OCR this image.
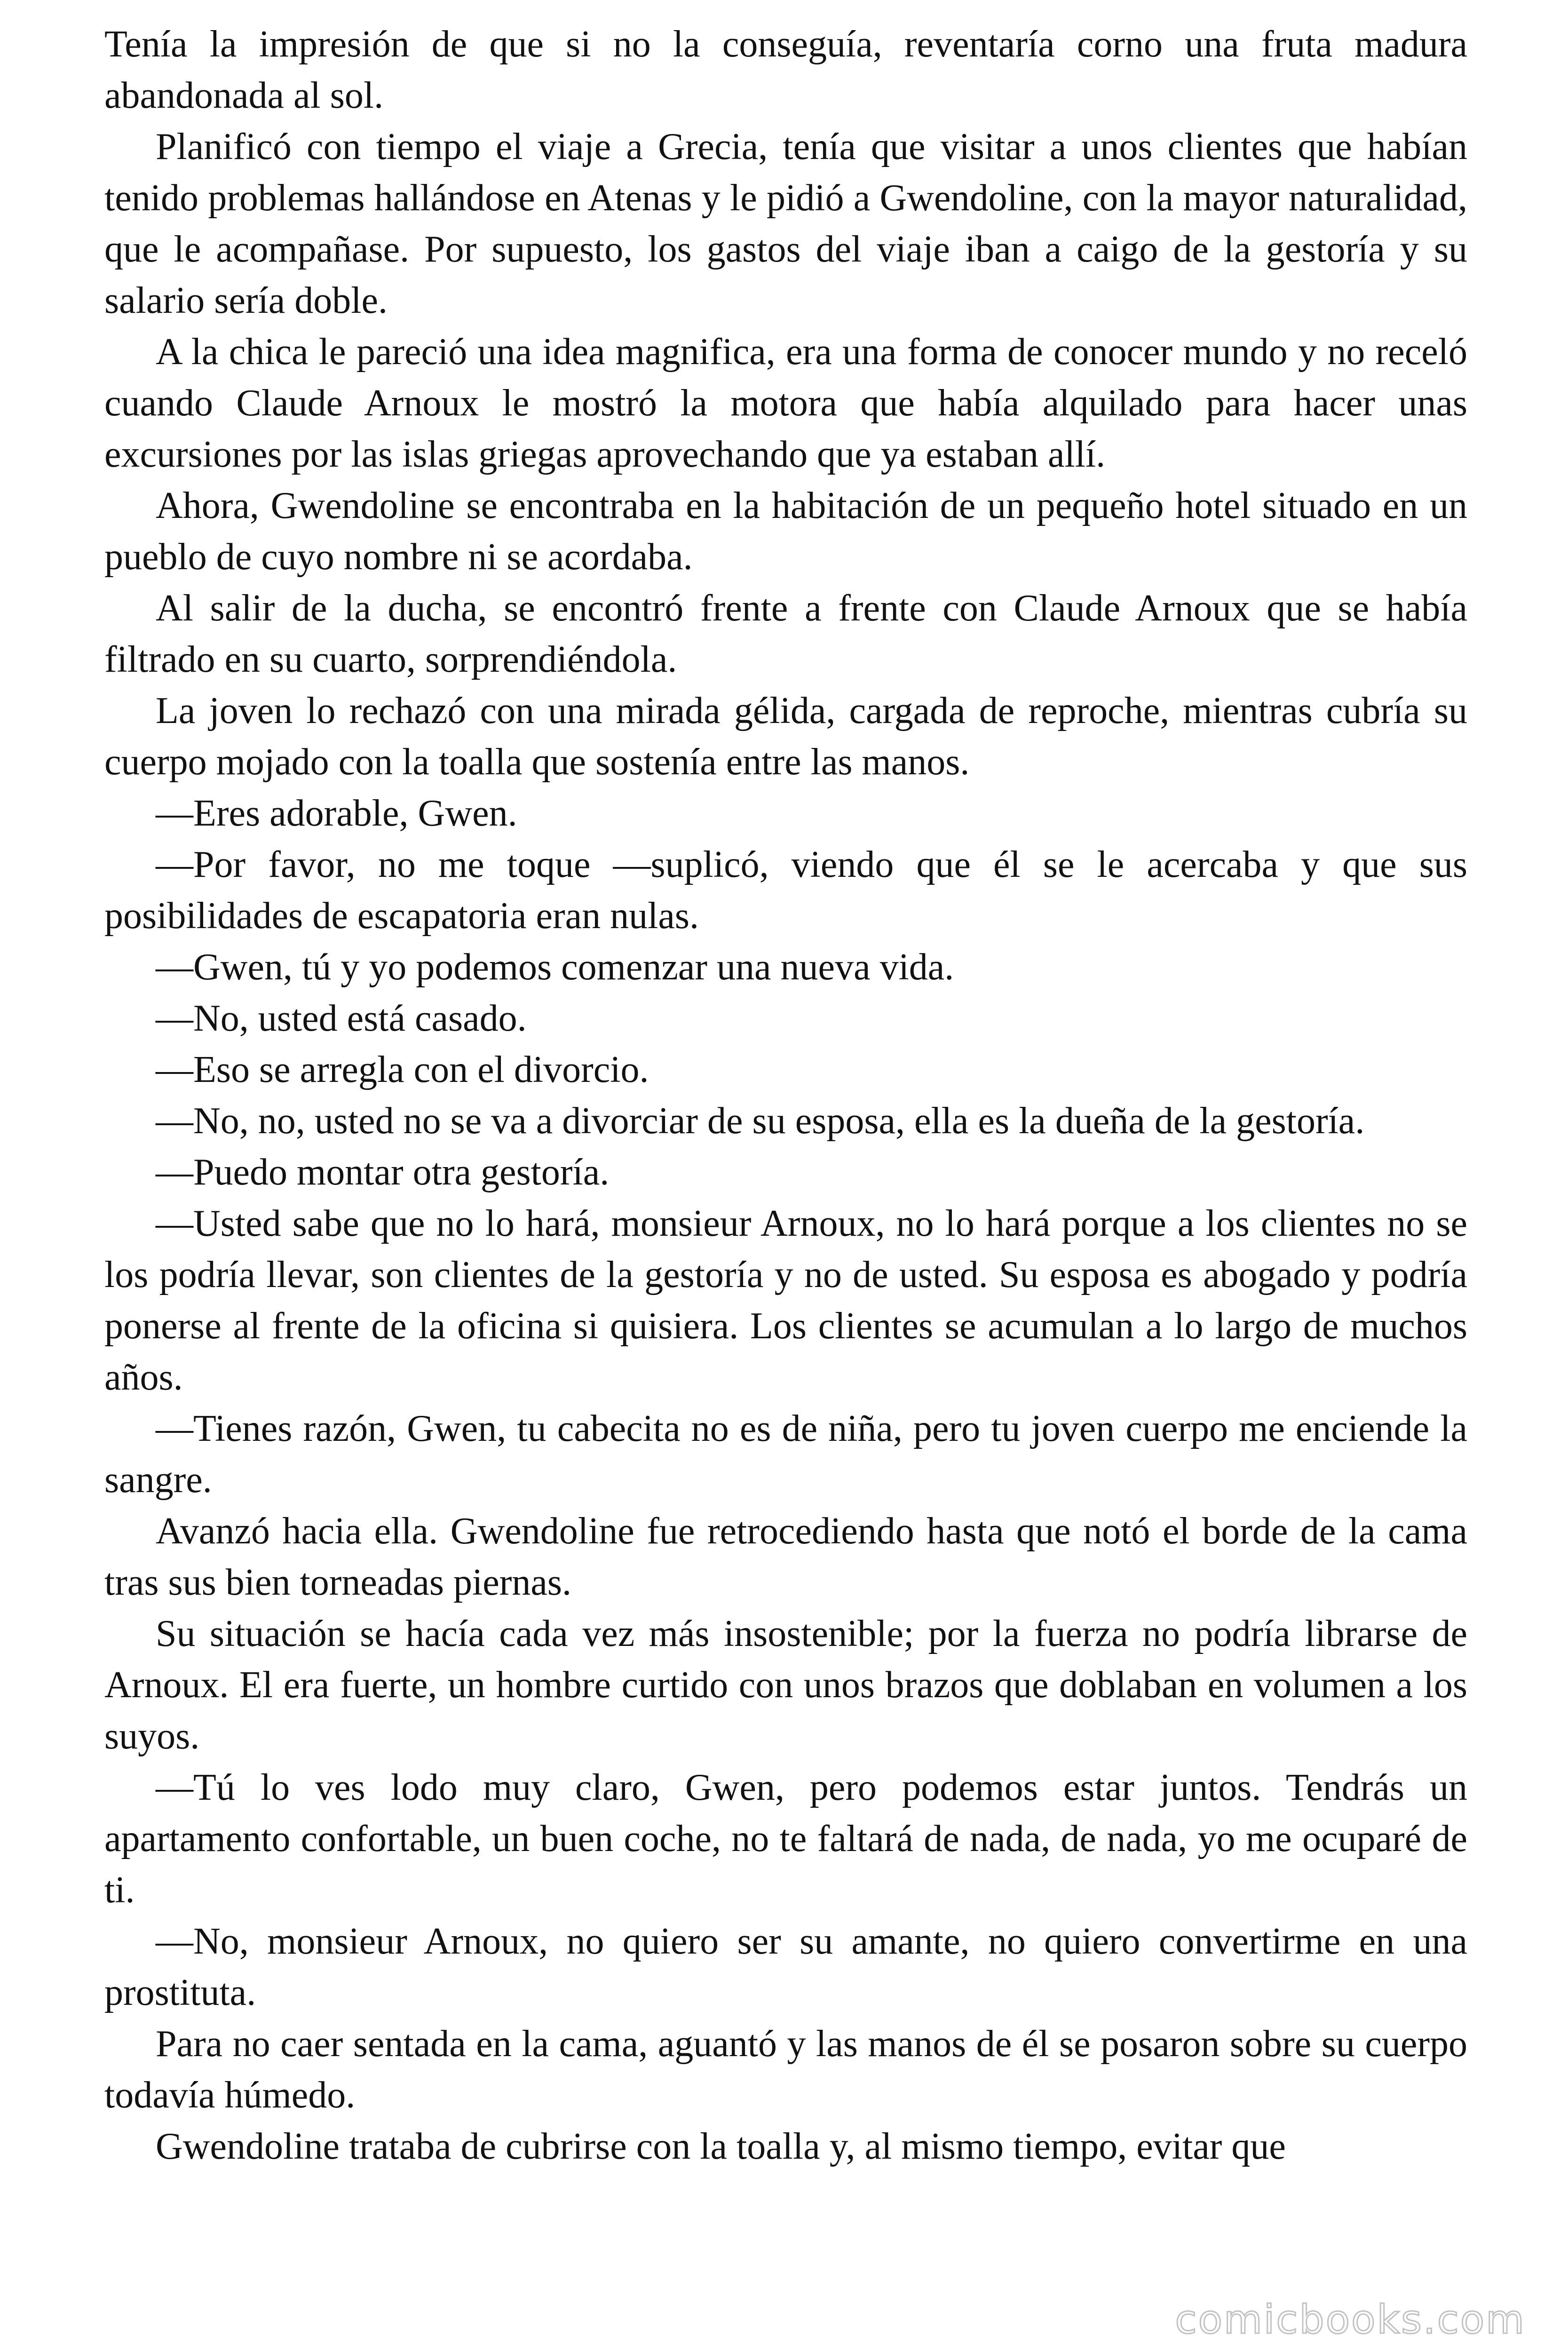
Tenía la impresión de que si no la conseguía, reventaría corno una fruta madura abandonada al sol.

Planificó con tiempo el viaje a Grecia, tenía que visitar a unos clientes que habían tenido problemas hallándose en Atenas y le pidió a Gwendoline, con la mayor naturalidad, que le acompañase. Por supuesto, los gastos del viaje iban a caigo de la gestoría y su salario sería doble.

A la chica le pareció una idea magnifica, era una forma de conocer mundo y no receló cuando Claude Arnoux le mostró la motora que había alquilado para hacer unas excursiones por las islas griegas aprovechando que ya estaban allí.

Ahora, Gwendoline se encontraba en la habitación de un pequeño hotel situado en un pueblo de cuyo nombre ni se acordaba.

Al salir de la ducha, se encontró frente a frente con Claude Arnoux que se había filtrado en su cuarto, sorprendiéndola.

La joven lo rechazó con una mirada gélida, cargada de reproche, mientras cubría su cuerpo mojado con la toalla que sostenía entre las manos.

—Eres adorable, Gwen.

—Por favor, no me toque —suplicó, viendo que él se le acercaba y que sus posibilidades de escapatoria eran nulas.

—Gwen, tú y yo podemos comenzar una nueva vida.

—No, usted está casado.

—Eso se arregla con el divorcio.

—No, no, usted no se va a divorciar de su esposa, ella es la dueña de la gestoría.

—Puedo montar otra gestoría.

—Usted sabe que no lo hará, monsieur Arnoux, no lo hará porque a los clientes no se los podría llevar, son clientes de la gestoría y no de usted. Su esposa es abogado y podría ponerse al frente de la oficina si quisiera. Los clientes se acumulan a lo largo de muchos años.

—Tienes razón, Gwen, tu cabecita no es de niña, pero tu joven cuerpo me enciende la sangre.

Avanzó hacia ella. Gwendoline fue retrocediendo hasta que notó el borde de la cama tras sus bien torneadas piernas.

Su situación se hacía cada vez más insostenible; por la fuerza no podría librarse de Arnoux. El era fuerte, un hombre curtido con unos brazos que doblaban en volumen a los suyos.

—Tú lo ves lodo muy claro, Gwen, pero podemos estar juntos. Tendrás un apartamento confortable, un buen coche, no te faltará de nada, de nada, yo me ocuparé de ti.

—No, monsieur Arnoux, no quiero ser su amante, no quiero convertirme en una prostituta.

Para no caer sentada en la cama, aguantó y las manos de él se posaron sobre su cuerpo todavía húmedo.

Gwendoline trataba de cubrirse con la toalla y, al mismo tiempo, evitar que

comicbooks.com
